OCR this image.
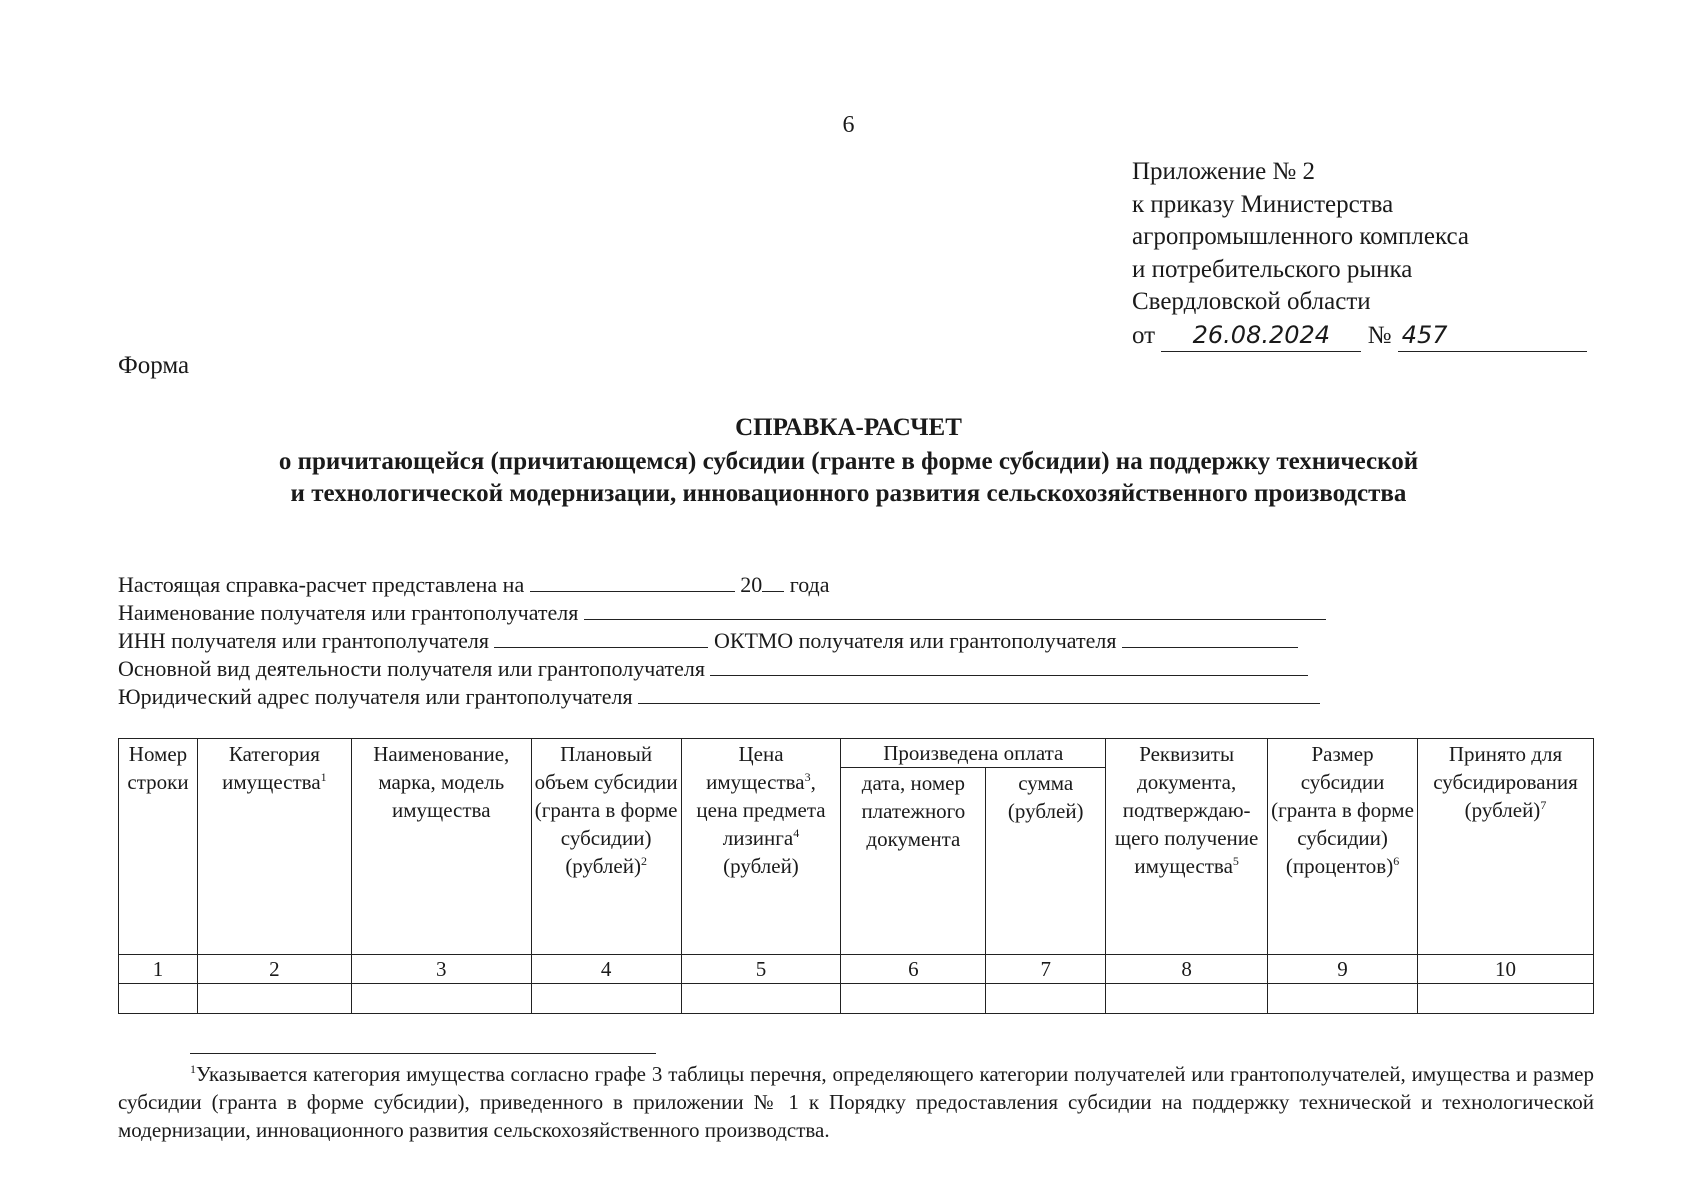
6
Приложение № 2
к приказу Министерства
агропромышленного комплекса
и потребительского рынка
Свердловской области
от 26.08.2024 № 457
Форма
СПРАВКА-РАСЧЕТ
о причитающейся (причитающемся) субсидии (гранте в форме субсидии) на поддержку технической
и технологической модернизации, инновационного развития сельскохозяйственного производства
Настоящая справка-расчет представлена на	20 года
Наименование получателя или грантополучателя
ИНН получателя или грантополучателя	ОКТМО получателя или грантополучателя
Основной вид деятельности получателя или грантополучателя
Юридический адрес получателя или грантополучателя
Номер строки	Категория имущества$^1$	Наименование, марка, модель имущества	Плановый объем субсидии (гранта в форме субсидии) (рублей)$^2$	Цена имущества$^3$, цена предмета лизинга$^4$ (рублей)	Произведена оплата		Реквизиты документа, подтверждаю-щего получение имущества$^5$	Размер субсидии (гранта в форме субсидии) (процентов)$^6$	Принято для субсидирования (рублей)$^7$
					дата, номер платежного документа	сумма (рублей)			
1	2	3	4	5	6	7	8	9	10

$^1$Указывается категория имущества согласно графе 3 таблицы перечня, определяющего категории получателей или грантополучателей, имущества и размер субсидии (гранта в форме субсидии), приведенного в приложении № 1 к Порядку предоставления субсидии на поддержку технической и технологической модернизации, инновационного развития сельскохозяйственного производства.
